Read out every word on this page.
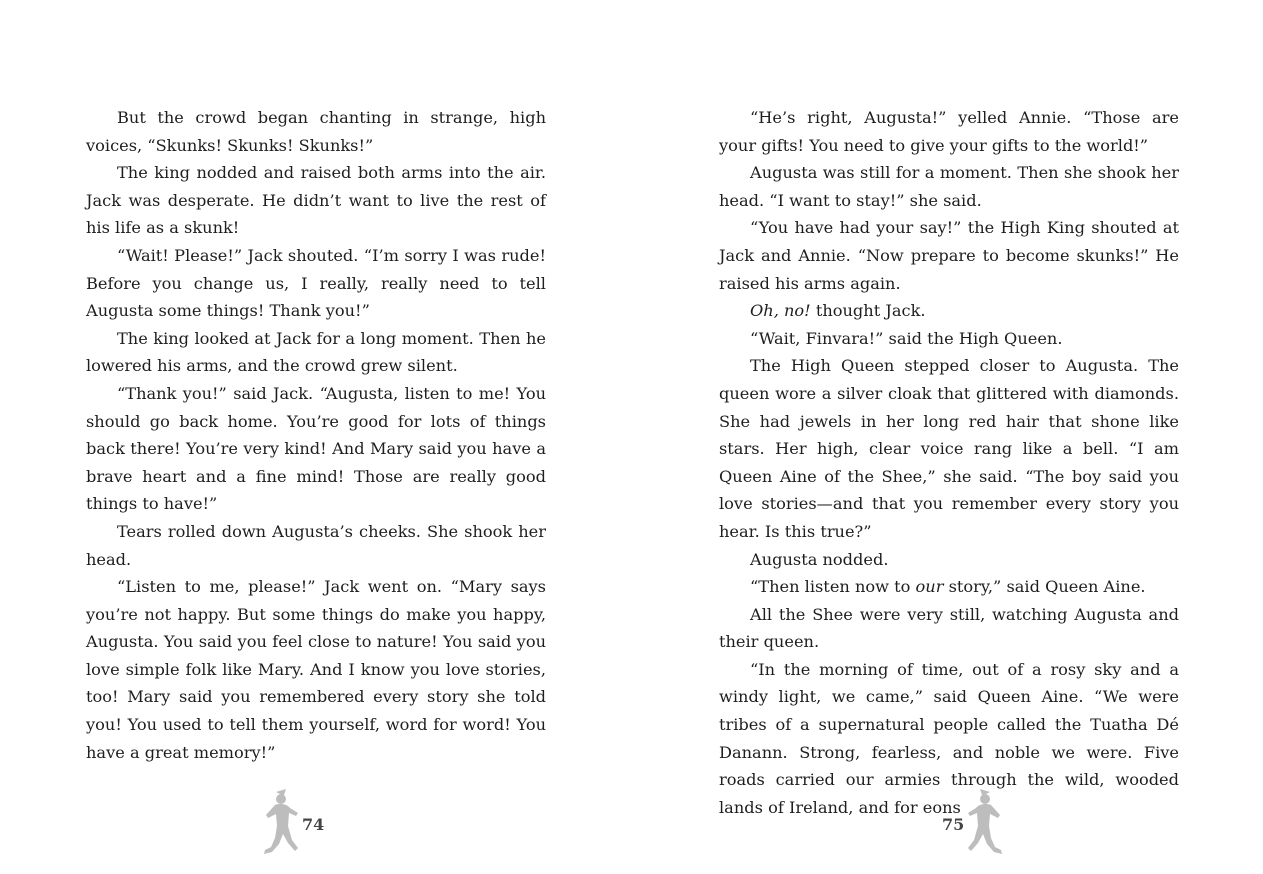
But the crowd began chanting in strange, high voices, “Skunks! Skunks! Skunks!”

The king nodded and raised both arms into the air. Jack was desperate. He didn’t want to live the rest of his life as a skunk!

“Wait! Please!” Jack shouted. “I’m sorry I was rude! Before you change us, I really, really need to tell Augusta some things! Thank you!”

The king looked at Jack for a long moment. Then he lowered his arms, and the crowd grew silent.

“Thank you!” said Jack. “Augusta, listen to me! You should go back home. You’re good for lots of things back there! You’re very kind! And Mary said you have a brave heart and a fine mind! Those are really good things to have!”

Tears rolled down Augusta’s cheeks. She shook her head.

“Listen to me, please!” Jack went on. “Mary says you’re not happy. But some things do make you happy, Augusta. You said you feel close to nature! You said you love simple folk like Mary. And I know you love stories, too! Mary said you remembered every story she told you! You used to tell them yourself, word for word! You have a great memory!”

“He’s right, Augusta!” yelled Annie. “Those are your gifts! You need to give your gifts to the world!”

Augusta was still for a moment. Then she shook her head. “I want to stay!” she said.

“You have had your say!” the High King shouted at Jack and Annie. “Now prepare to become skunks!” He raised his arms again.

Oh, no! thought Jack.

“Wait, Finvara!” said the High Queen.

The High Queen stepped closer to Augusta. The queen wore a silver cloak that glittered with diamonds. She had jewels in her long red hair that shone like stars. Her high, clear voice rang like a bell. “I am Queen Aine of the Shee,” she said. “The boy said you love stories—and that you remember every story you hear. Is this true?”

Augusta nodded.

“Then listen now to our story,” said Queen Aine.

All the Shee were very still, watching Augusta and their queen.

“In the morning of time, out of a rosy sky and a windy light, we came,” said Queen Aine. “We were tribes of a supernatural people called the Tuatha Dé Danann. Strong, fearless, and noble we were. Five roads carried our armies through the wild, wooded lands of Ireland, and for eons

74	75
